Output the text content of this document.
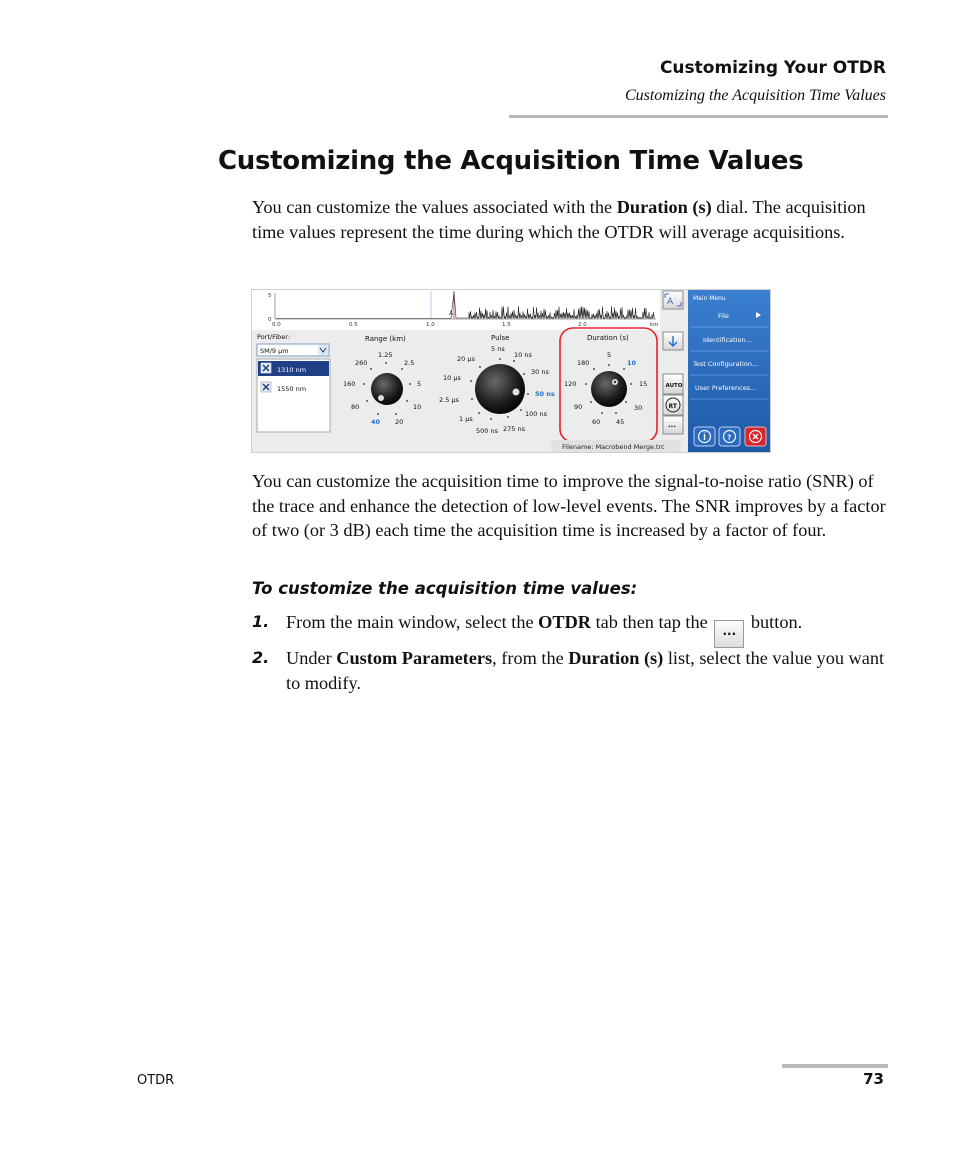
Customizing Your OTDR
Customizing the Acquisition Time Values
Customizing the Acquisition Time Values

You can customize the values associated with the Duration (s) dial. The acquisition time values represent the time during which the OTDR will average acquisitions.

5
0
0.0	0.5	1.0	1.5	2.0	km
A
Port/Fiber:
SM/9 µm
1310 nm
1550 nm
Range (km)
1.25
2.5
5
10
20
40
80
160
260
Pulse
5 ns
10 ns
30 ns
50 ns
100 ns
275 ns
500 ns
1 µs
2.5 µs
10 µs
20 µs
Duration (s)
5
10
15
30
45
60
90
120
180
Filename: Macrobend Merge.trc
A
AUTO
RT
...
Main Menu
File
Identification...
Test Configuration...
User Preferences...
?

You can customize the acquisition time to improve the signal-to-noise ratio (SNR) of the trace and enhance the detection of low-level events. The SNR improves by a factor of two (or 3 dB) each time the acquisition time is increased by a factor of four.

To customize the acquisition time values:
1. From the main window, select the OTDR tab then tap the ... button.
2. Under Custom Parameters, from the Duration (s) list, select the value you want to modify.
OTDR	73
